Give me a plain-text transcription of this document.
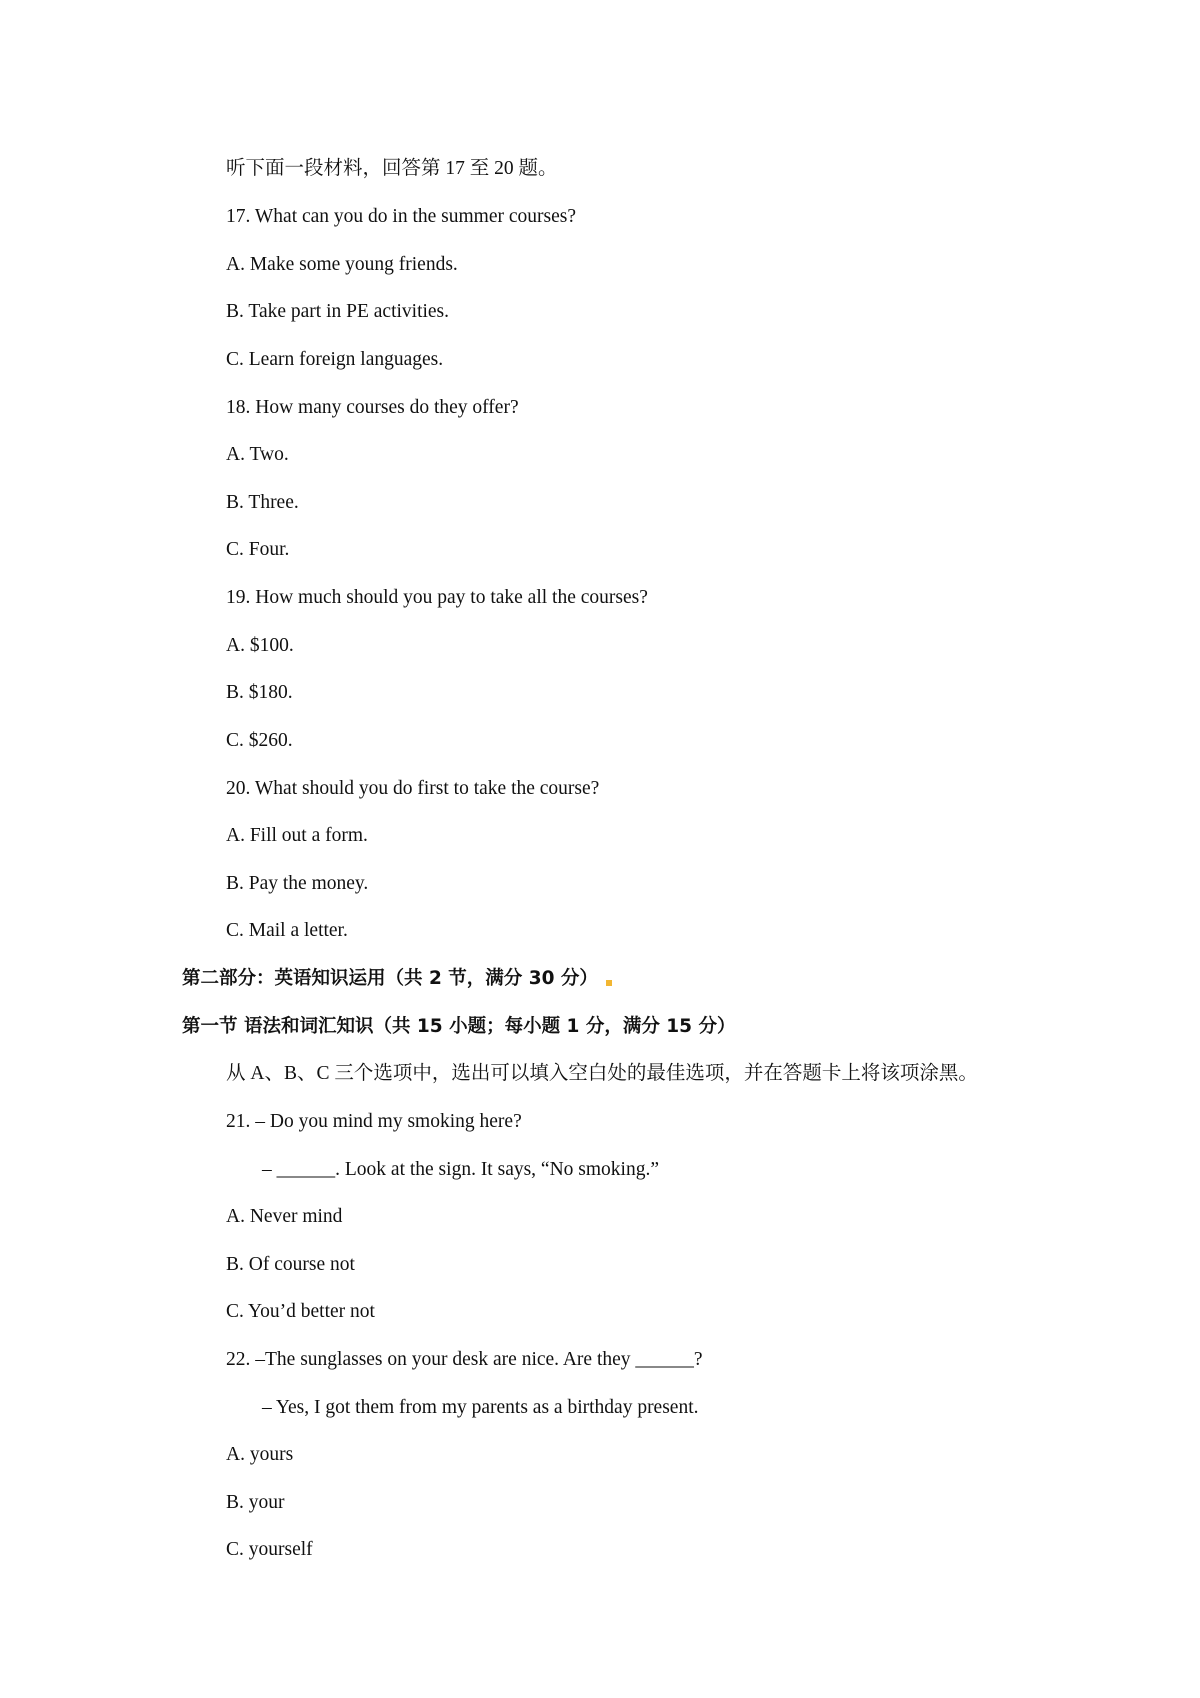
听下面一段材料，回答第 17 至 20 题。
17. What can you do in the summer courses?
A. Make some young friends.
B. Take part in PE activities.
C. Learn foreign languages.
18. How many courses do they offer?
A. Two.
B. Three.
C. Four.
19. How much should you pay to take all the courses?
A. $100.
B. $180.
C. $260.
20. What should you do first to take the course?
A. Fill out a form.
B. Pay the money.
C. Mail a letter.
第二部分：英语知识运用（共 2 节，满分 30 分）
第一节 语法和词汇知识（共 15 小题；每小题 1 分，满分 15 分）
从 A、B、C 三个选项中，选出可以填入空白处的最佳选项，并在答题卡上将该项涂黑。
21. – Do you mind my smoking here?
– ______. Look at the sign. It says, “No smoking.”
A. Never mind
B. Of course not
C. You’d better not
22. –The sunglasses on your desk are nice. Are they ______?
– Yes, I got them from my parents as a birthday present.
A. yours
B. your
C. yourself
